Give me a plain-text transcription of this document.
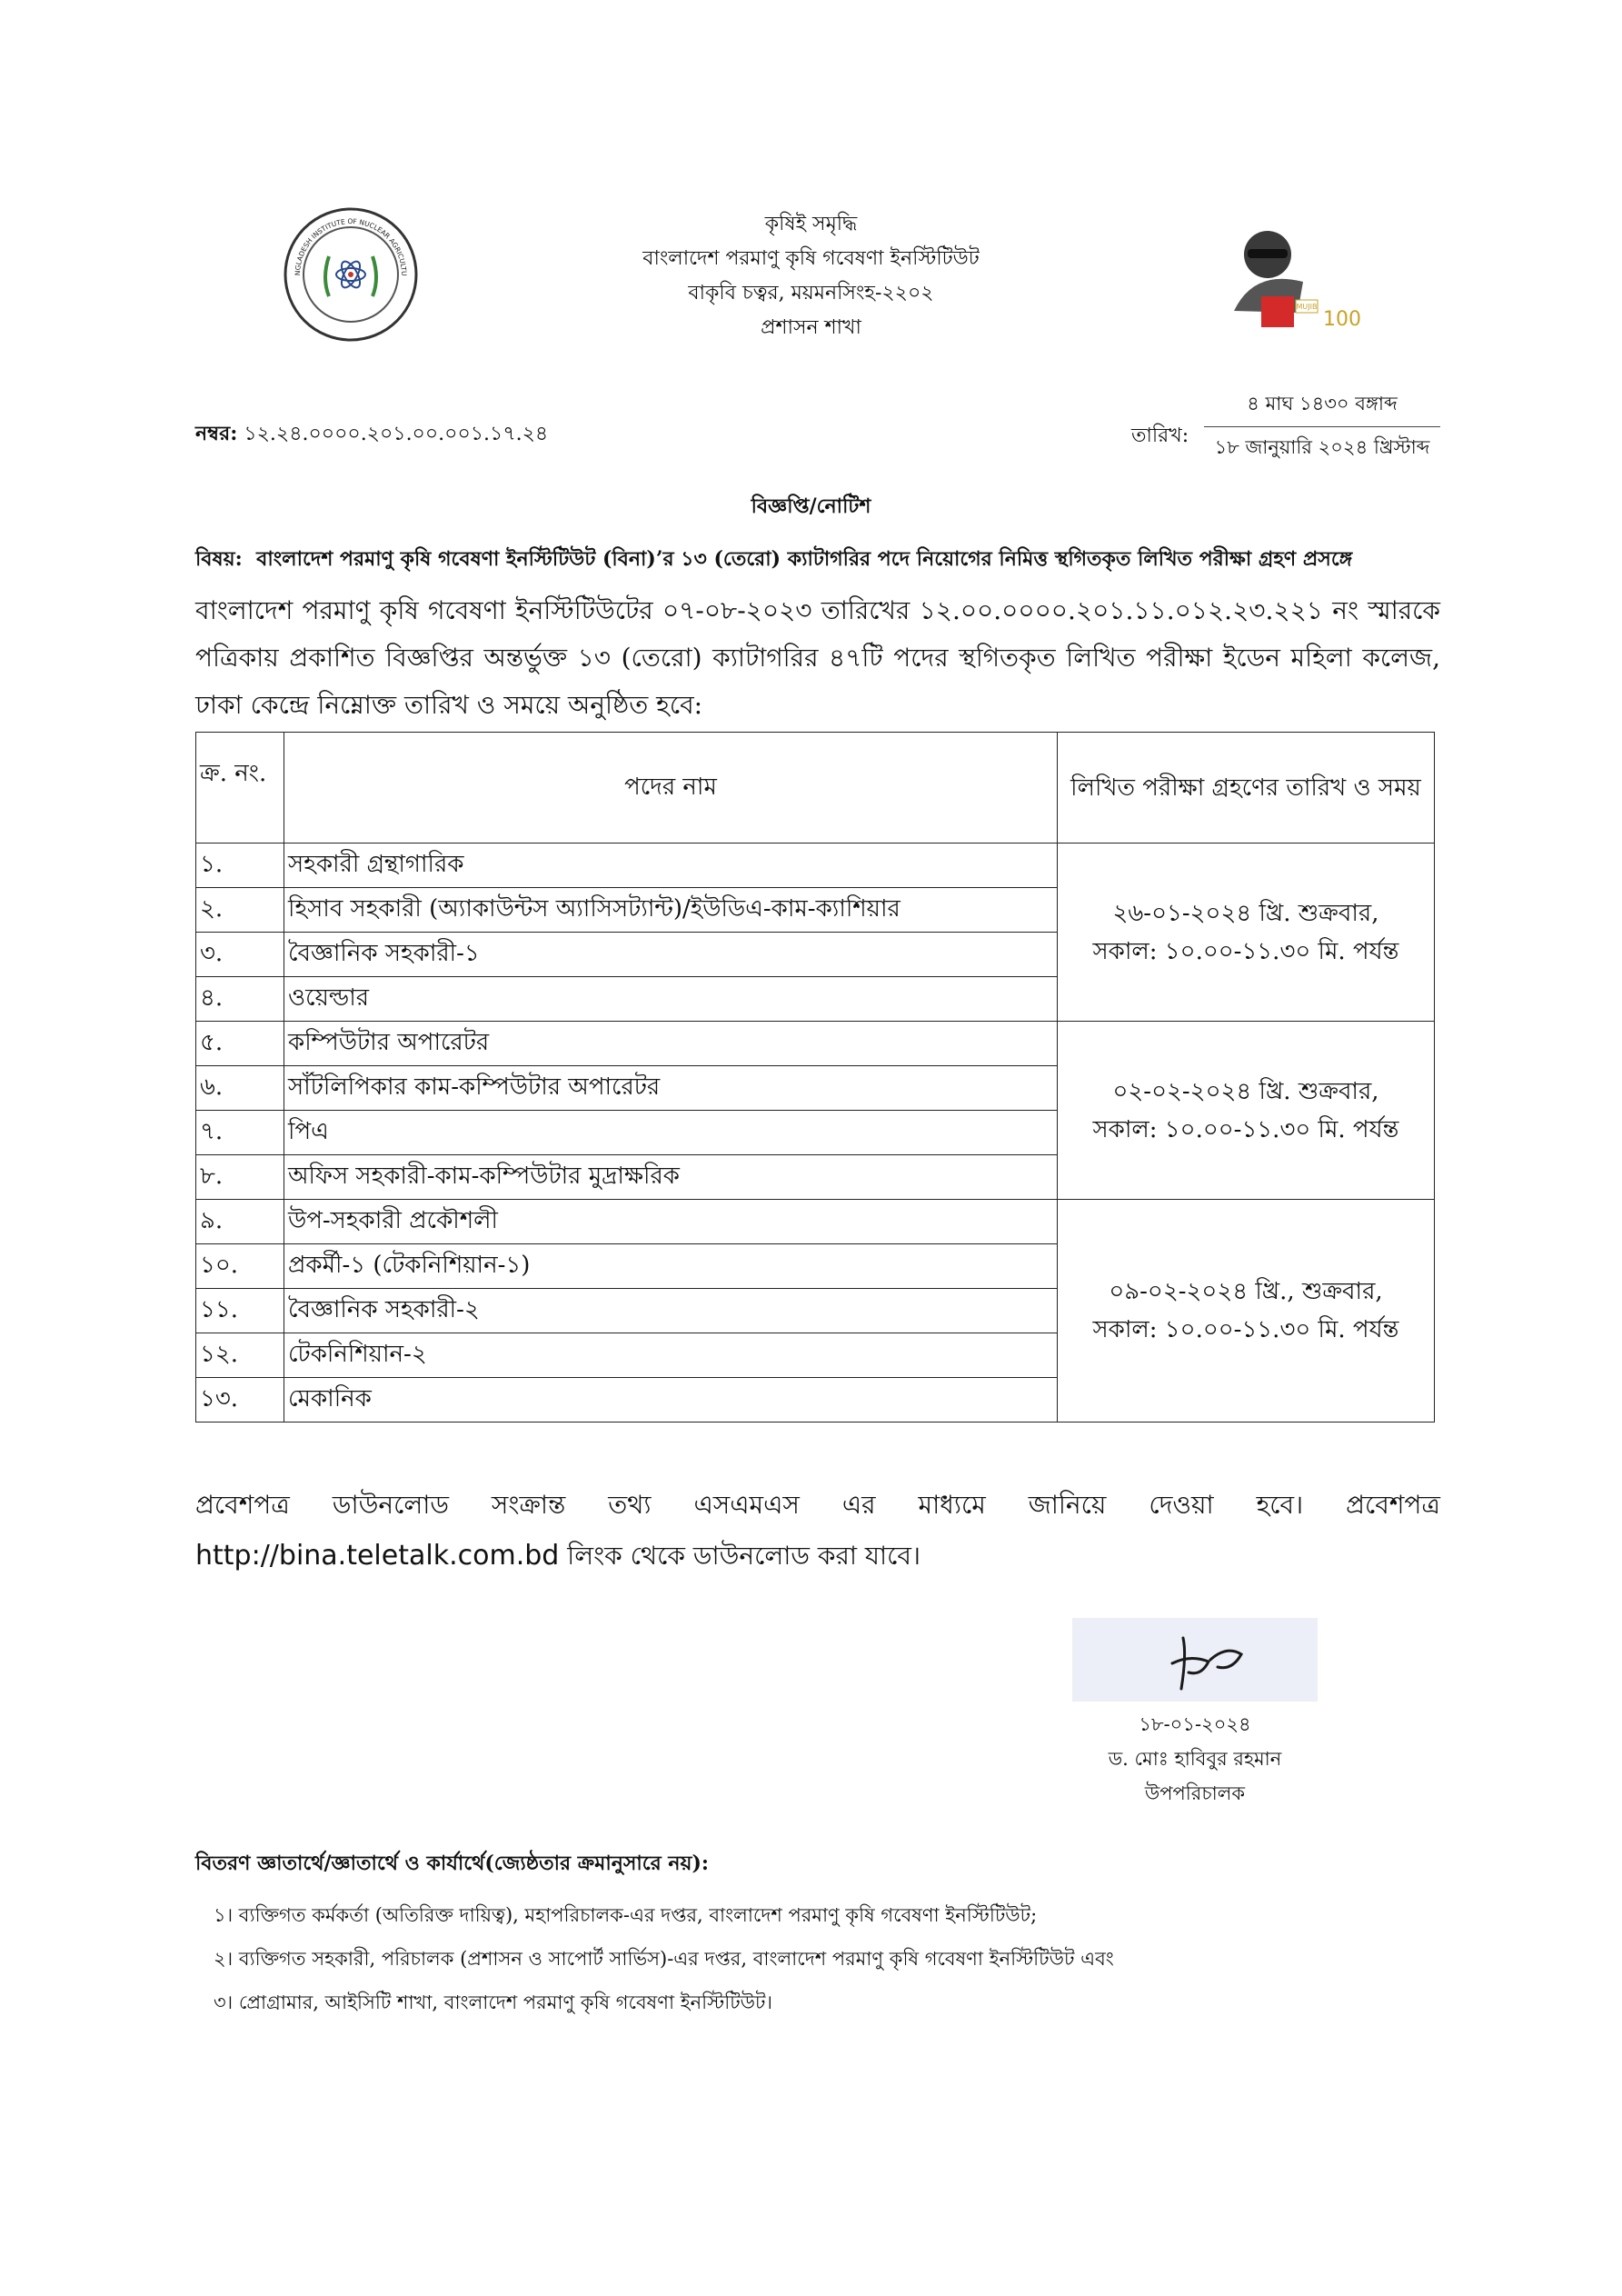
NGLADESH INSTITUTE OF NUCLEAR AGRICULTU
কৃষিই সমৃদ্ধি
বাংলাদেশ পরমাণু কৃষি গবেষণা ইনস্টিটিউট
বাকৃবি চত্বর, ময়মনসিংহ-২২০২
প্রশাসন শাখা
MUJIB
100
নম্বর: ১২.২৪.০০০০.২০১.০০.০০১.১৭.২৪	তারিখ:
৪ মাঘ ১৪৩০ বঙ্গাব্দ
১৮ জানুয়ারি ২০২৪ খ্রিস্টাব্দ
বিজ্ঞপ্তি/নোটিশ
বিষয়: বাংলাদেশ পরমাণু কৃষি গবেষণা ইনস্টিটিউট (বিনা)’র ১৩ (তেরো) ক্যাটাগরির পদে নিয়োগের নিমিত্ত স্থগিতকৃত লিখিত পরীক্ষা গ্রহণ প্রসঙ্গে
বাংলাদেশ পরমাণু কৃষি গবেষণা ইনস্টিটিউটের ০৭-০৮-২০২৩ তারিখের ১২.০০.০০০০.২০১.১১.০১২.২৩.২২১ নং স্মারকে পত্রিকায় প্রকাশিত বিজ্ঞপ্তির অন্তর্ভুক্ত ১৩ (তেরো) ক্যাটাগরির ৪৭টি পদের স্থগিতকৃত লিখিত পরীক্ষা ইডেন মহিলা কলেজ, ঢাকা কেন্দ্রে নিম্নোক্ত তারিখ ও সময়ে অনুষ্ঠিত হবে:
ক্র. নং.	পদের নাম	লিখিত পরীক্ষা গ্রহণের তারিখ ও সময়
১.	সহকারী গ্রন্থাগারিক	২৬-০১-২০২৪ খ্রি. শুক্রবার,
সকাল: ১০.০০-১১.৩০ মি. পর্যন্ত

২.	হিসাব সহকারী (অ্যাকাউন্টস অ্যাসিসট্যান্ট)/ইউডিএ-কাম-ক্যাশিয়ার	
৩.	বৈজ্ঞানিক সহকারী-১	
৪.	ওয়েল্ডার	
৫.	কম্পিউটার অপারেটর	০২-০২-২০২৪ খ্রি. শুক্রবার,
সকাল: ১০.০০-১১.৩০ মি. পর্যন্ত

৬.	সাঁটলিপিকার কাম-কম্পিউটার অপারেটর	
৭.	পিএ	
৮.	অফিস সহকারী-কাম-কম্পিউটার মুদ্রাক্ষরিক	
৯.	উপ-সহকারী প্রকৌশলী	০৯-০২-২০২৪ খ্রি., শুক্রবার,
সকাল: ১০.০০-১১.৩০ মি. পর্যন্ত

১০.	প্রকর্মী-১ (টেকনিশিয়ান-১)	
১১.	বৈজ্ঞানিক সহকারী-২	
১২.	টেকনিশিয়ান-২	
১৩.	মেকানিক	
প্রবেশপত্র ডাউনলোড সংক্রান্ত তথ্য এসএমএস এর মাধ্যমে জানিয়ে দেওয়া হবে। প্রবেশপত্র
http://bina.teletalk.com.bd লিংক থেকে ডাউনলোড করা যাবে।
১৮-০১-২০২৪
ড. মোঃ হাবিবুর রহমান
উপপরিচালক
বিতরণ জ্ঞাতার্থে/জ্ঞাতার্থে ও কার্যার্থে(জ্যেষ্ঠতার ক্রমানুসারে নয়):
১। ব্যক্তিগত কর্মকর্তা (অতিরিক্ত দায়িত্ব), মহাপরিচালক-এর দপ্তর, বাংলাদেশ পরমাণু কৃষি গবেষণা ইনস্টিটিউট;
২। ব্যক্তিগত সহকারী, পরিচালক (প্রশাসন ও সাপোর্ট সার্ভিস)-এর দপ্তর, বাংলাদেশ পরমাণু কৃষি গবেষণা ইনস্টিটিউট এবং
৩। প্রোগ্রামার, আইসিটি শাখা, বাংলাদেশ পরমাণু কৃষি গবেষণা ইনস্টিটিউট।
